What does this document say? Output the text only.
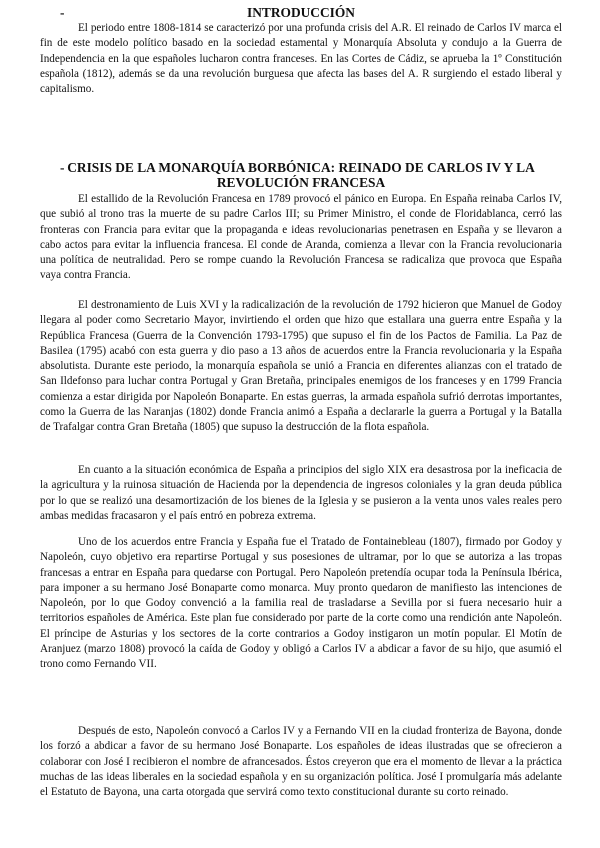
-	INTRODUCCIÓN

El periodo entre 1808-1814 se caracterizó por una profunda crisis del A.R. El reinado de Carlos IV marca el fin de este modelo político basado en la sociedad estamental y Monarquía Absoluta y condujo a la Guerra de Independencia en la que españoles lucharon contra franceses. En las Cortes de Cádiz, se aprueba la 1º Constitución española (1812), además se da una revolución burguesa que afecta las bases del A. R surgiendo el estado liberal y capitalismo.

- CRISIS DE LA MONARQUÍA BORBÓNICA: REINADO DE CARLOS IV Y LA
REVOLUCIÓN FRANCESA

El estallido de la Revolución Francesa en 1789 provocó el pánico en Europa. En España reinaba Carlos IV, que subió al trono tras la muerte de su padre Carlos III; su Primer Ministro, el conde de Floridablanca, cerró las fronteras con Francia para evitar que la propaganda e ideas revolucionarias penetrasen en España y se llevaron a cabo actos para evitar la influencia francesa. El conde de Aranda, comienza a llevar con la Francia revolucionaria una política de neutralidad. Pero se rompe cuando la Revolución Francesa se radicaliza que provoca que España vaya contra Francia.

El destronamiento de Luis XVI y la radicalización de la revolución de 1792 hicieron que Manuel de Godoy llegara al poder como Secretario Mayor, invirtiendo el orden que hizo que estallara una guerra entre España y la República Francesa (Guerra de la Convención 1793-1795) que supuso el fin de los Pactos de Familia. La Paz de Basilea (1795) acabó con esta guerra y dio paso a 13 años de acuerdos entre la Francia revolucionaria y la España absolutista. Durante este periodo, la monarquía española se unió a Francia en diferentes alianzas con el tratado de San Ildefonso para luchar contra Portugal y Gran Bretaña, principales enemigos de los franceses y en 1799 Francia comienza a estar dirigida por Napoleón Bonaparte. En estas guerras, la armada española sufrió derrotas importantes, como la Guerra de las Naranjas (1802) donde Francia animó a España a declararle la guerra a Portugal y la Batalla de Trafalgar contra Gran Bretaña (1805) que supuso la destrucción de la flota española.

En cuanto a la situación económica de España a principios del siglo XIX era desastrosa por la ineficacia de la agricultura y la ruinosa situación de Hacienda por la dependencia de ingresos coloniales y la gran deuda pública por lo que se realizó una desamortización de los bienes de la Iglesia y se pusieron a la venta unos vales reales pero ambas medidas fracasaron y el país entró en pobreza extrema.

Uno de los acuerdos entre Francia y España fue el Tratado de Fontainebleau (1807), firmado por Godoy y Napoleón, cuyo objetivo era repartirse Portugal y sus posesiones de ultramar, por lo que se autoriza a las tropas francesas a entrar en España para quedarse con Portugal. Pero Napoleón pretendía ocupar toda la Península Ibérica, para imponer a su hermano José Bonaparte como monarca. Muy pronto quedaron de manifiesto las intenciones de Napoleón, por lo que Godoy convenció a la familia real de trasladarse a Sevilla por si fuera necesario huir a territorios españoles de América. Este plan fue considerado por parte de la corte como una rendición ante Napoleón. El príncipe de Asturias y los sectores de la corte contrarios a Godoy instigaron un motín popular. El Motín de Aranjuez (marzo 1808) provocó la caída de Godoy y obligó a Carlos IV a abdicar a favor de su hijo, que asumió el trono como Fernando VII.

Después de esto, Napoleón convocó a Carlos IV y a Fernando VII en la ciudad fronteriza de Bayona, donde los forzó a abdicar a favor de su hermano José Bonaparte. Los españoles de ideas ilustradas que se ofrecieron a colaborar con José I recibieron el nombre de afrancesados. Éstos creyeron que era el momento de llevar a la práctica muchas de las ideas liberales en la sociedad española y en su organización política. José I promulgaría más adelante el Estatuto de Bayona, una carta otorgada que servirá como texto constitucional durante su corto reinado.
